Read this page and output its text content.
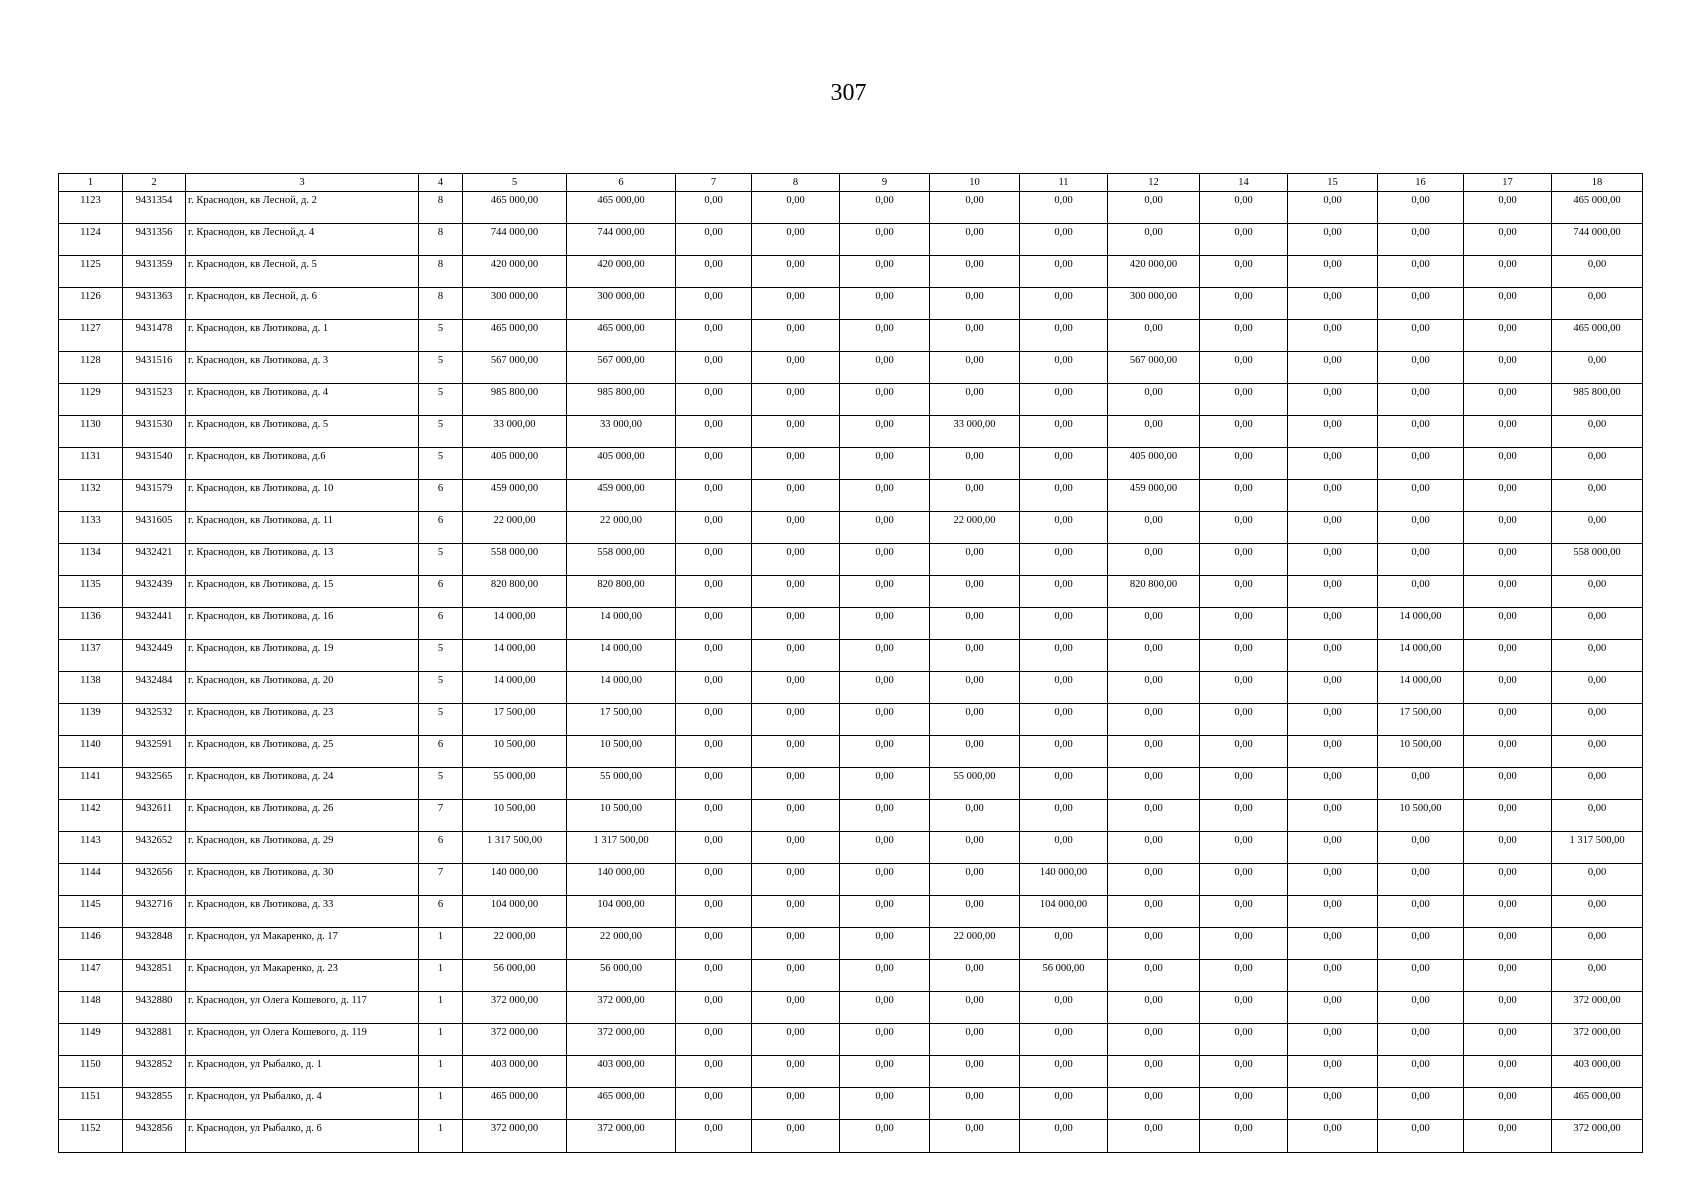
307
1	2	3	4	5	6	7	8	9	10	11	12	14	15	16	17	18
1123	9431354	г. Краснодон, кв Лесной, д. 2	8	465 000,00	465 000,00	0,00	0,00	0,00	0,00	0,00	0,00	0,00	0,00	0,00	0,00	465 000,00
1124	9431356	г. Краснодон, кв Лесной,д. 4	8	744 000,00	744 000,00	0,00	0,00	0,00	0,00	0,00	0,00	0,00	0,00	0,00	0,00	744 000,00
1125	9431359	г. Краснодон, кв Лесной, д. 5	8	420 000,00	420 000,00	0,00	0,00	0,00	0,00	0,00	420 000,00	0,00	0,00	0,00	0,00	0,00
1126	9431363	г. Краснодон, кв Лесной, д. 6	8	300 000,00	300 000,00	0,00	0,00	0,00	0,00	0,00	300 000,00	0,00	0,00	0,00	0,00	0,00
1127	9431478	г. Краснодон, кв Лютикова, д. 1	5	465 000,00	465 000,00	0,00	0,00	0,00	0,00	0,00	0,00	0,00	0,00	0,00	0,00	465 000,00
1128	9431516	г. Краснодон, кв Лютикова, д. 3	5	567 000,00	567 000,00	0,00	0,00	0,00	0,00	0,00	567 000,00	0,00	0,00	0,00	0,00	0,00
1129	9431523	г. Краснодон, кв Лютикова, д. 4	5	985 800,00	985 800,00	0,00	0,00	0,00	0,00	0,00	0,00	0,00	0,00	0,00	0,00	985 800,00
1130	9431530	г. Краснодон, кв Лютикова, д. 5	5	33 000,00	33 000,00	0,00	0,00	0,00	33 000,00	0,00	0,00	0,00	0,00	0,00	0,00	0,00
1131	9431540	г. Краснодон, кв Лютикова, д.6	5	405 000,00	405 000,00	0,00	0,00	0,00	0,00	0,00	405 000,00	0,00	0,00	0,00	0,00	0,00
1132	9431579	г. Краснодон, кв Лютикова, д. 10	6	459 000,00	459 000,00	0,00	0,00	0,00	0,00	0,00	459 000,00	0,00	0,00	0,00	0,00	0,00
1133	9431605	г. Краснодон, кв Лютикова, д. 11	6	22 000,00	22 000,00	0,00	0,00	0,00	22 000,00	0,00	0,00	0,00	0,00	0,00	0,00	0,00
1134	9432421	г. Краснодон, кв Лютикова, д. 13	5	558 000,00	558 000,00	0,00	0,00	0,00	0,00	0,00	0,00	0,00	0,00	0,00	0,00	558 000,00
1135	9432439	г. Краснодон, кв Лютикова, д. 15	6	820 800,00	820 800,00	0,00	0,00	0,00	0,00	0,00	820 800,00	0,00	0,00	0,00	0,00	0,00
1136	9432441	г. Краснодон, кв Лютикова, д. 16	6	14 000,00	14 000,00	0,00	0,00	0,00	0,00	0,00	0,00	0,00	0,00	14 000,00	0,00	0,00
1137	9432449	г. Краснодон, кв Лютикова, д. 19	5	14 000,00	14 000,00	0,00	0,00	0,00	0,00	0,00	0,00	0,00	0,00	14 000,00	0,00	0,00
1138	9432484	г. Краснодон, кв Лютикова, д. 20	5	14 000,00	14 000,00	0,00	0,00	0,00	0,00	0,00	0,00	0,00	0,00	14 000,00	0,00	0,00
1139	9432532	г. Краснодон, кв Лютикова, д. 23	5	17 500,00	17 500,00	0,00	0,00	0,00	0,00	0,00	0,00	0,00	0,00	17 500,00	0,00	0,00
1140	9432591	г. Краснодон, кв Лютикова, д. 25	6	10 500,00	10 500,00	0,00	0,00	0,00	0,00	0,00	0,00	0,00	0,00	10 500,00	0,00	0,00
1141	9432565	г. Краснодон, кв Лютикова, д. 24	5	55 000,00	55 000,00	0,00	0,00	0,00	55 000,00	0,00	0,00	0,00	0,00	0,00	0,00	0,00
1142	9432611	г. Краснодон, кв Лютикова, д. 26	7	10 500,00	10 500,00	0,00	0,00	0,00	0,00	0,00	0,00	0,00	0,00	10 500,00	0,00	0,00
1143	9432652	г. Краснодон, кв Лютикова, д. 29	6	1 317 500,00	1 317 500,00	0,00	0,00	0,00	0,00	0,00	0,00	0,00	0,00	0,00	0,00	1 317 500,00
1144	9432656	г. Краснодон, кв Лютикова, д. 30	7	140 000,00	140 000,00	0,00	0,00	0,00	0,00	140 000,00	0,00	0,00	0,00	0,00	0,00	0,00
1145	9432716	г. Краснодон, кв Лютикова, д. 33	6	104 000,00	104 000,00	0,00	0,00	0,00	0,00	104 000,00	0,00	0,00	0,00	0,00	0,00	0,00
1146	9432848	г. Краснодон, ул Макаренко, д. 17	1	22 000,00	22 000,00	0,00	0,00	0,00	22 000,00	0,00	0,00	0,00	0,00	0,00	0,00	0,00
1147	9432851	г. Краснодон, ул Макаренко, д. 23	1	56 000,00	56 000,00	0,00	0,00	0,00	0,00	56 000,00	0,00	0,00	0,00	0,00	0,00	0,00
1148	9432880	г. Краснодон, ул Олега Кошевого, д. 117	1	372 000,00	372 000,00	0,00	0,00	0,00	0,00	0,00	0,00	0,00	0,00	0,00	0,00	372 000,00
1149	9432881	г. Краснодон, ул Олега Кошевого, д. 119	1	372 000,00	372 000,00	0,00	0,00	0,00	0,00	0,00	0,00	0,00	0,00	0,00	0,00	372 000,00
1150	9432852	г. Краснодон, ул Рыбалко, д. 1	1	403 000,00	403 000,00	0,00	0,00	0,00	0,00	0,00	0,00	0,00	0,00	0,00	0,00	403 000,00
1151	9432855	г. Краснодон, ул Рыбалко, д. 4	1	465 000,00	465 000,00	0,00	0,00	0,00	0,00	0,00	0,00	0,00	0,00	0,00	0,00	465 000,00
1152	9432856	г. Краснодон, ул Рыбалко, д. 6	1	372 000,00	372 000,00	0,00	0,00	0,00	0,00	0,00	0,00	0,00	0,00	0,00	0,00	372 000,00
